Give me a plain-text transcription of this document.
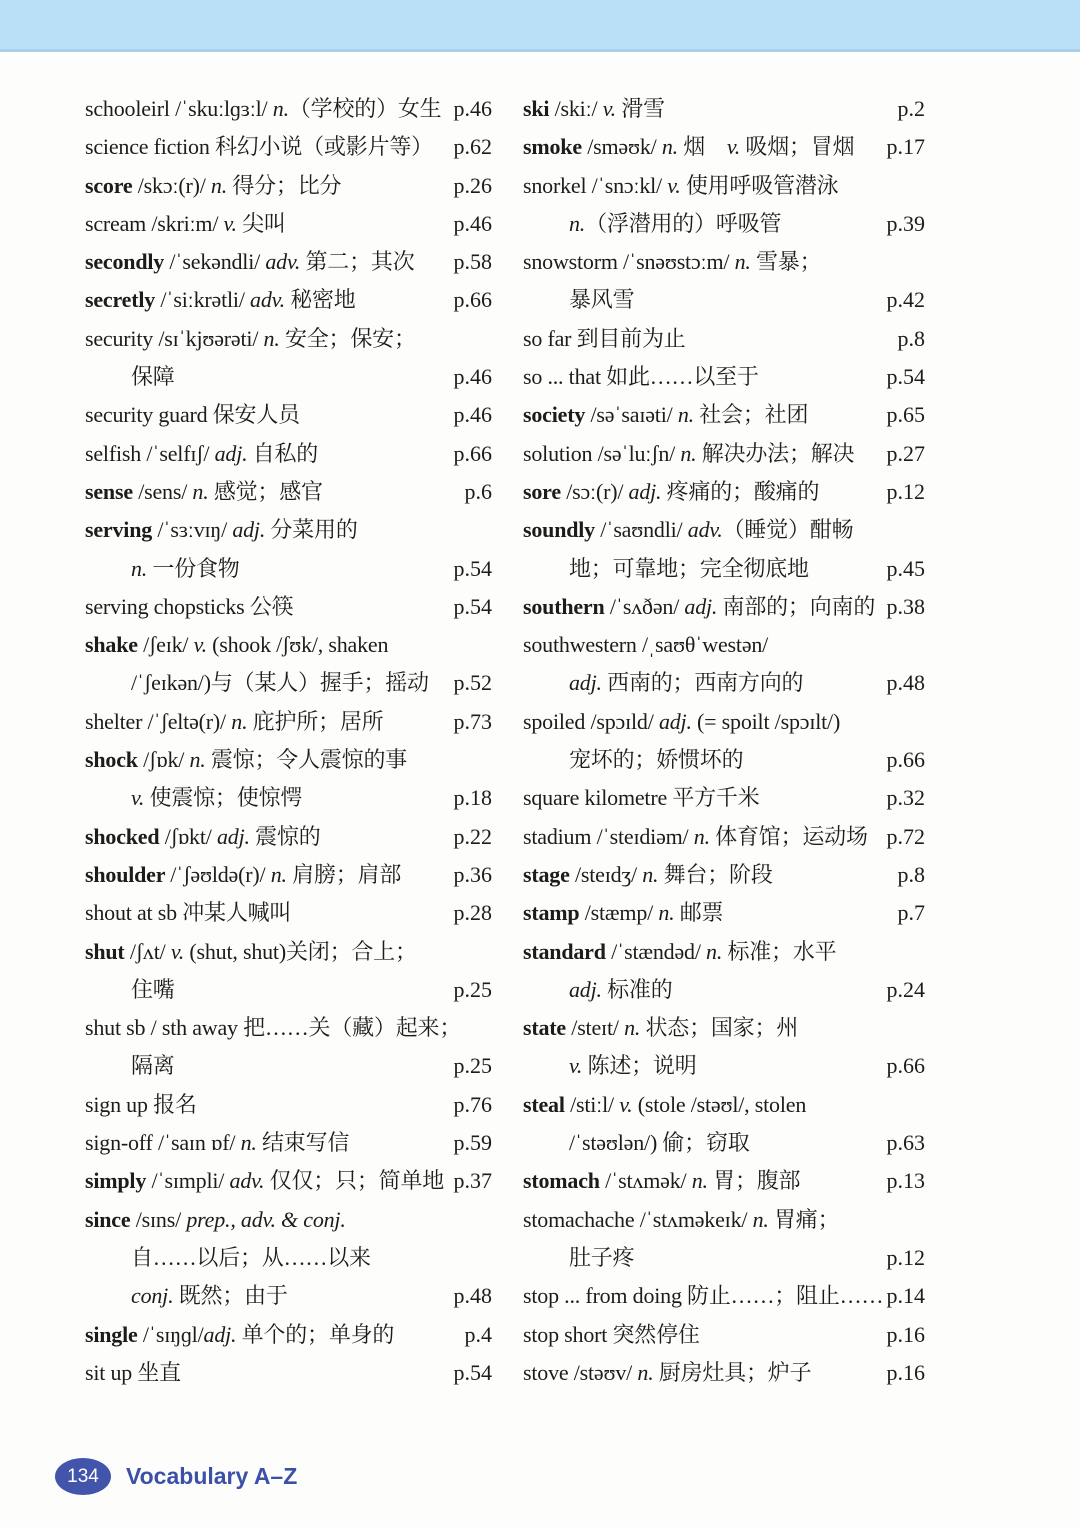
schooleirl /ˈskuːlɡɜːl/ n.（学校的）女生 p.46
science fiction 科幻小说（或影片等） p.62
score /skɔː(r)/ n. 得分；比分	p.26
scream /skriːm/ v. 尖叫	p.46
secondly /ˈsekəndli/ adv. 第二；其次 p.58
secretly /ˈsiːkrətli/ adv. 秘密地	p.66
security /sɪˈkjʊərəti/ n. 安全；保安；
保障	p.46
security guard 保安人员	p.46
selfish /ˈselfɪʃ/ adj. 自私的	p.66
sense /sens/ n. 感觉；感官	p.6
serving /ˈsɜːvɪŋ/ adj. 分菜用的
n. 一份食物	p.54
serving chopsticks 公筷	p.54
shake /ʃeɪk/ v. (shook /ʃʊk/, shaken
/ˈʃeɪkən/)与（某人）握手；摇动 p.52
shelter /ˈʃeltə(r)/ n. 庇护所；居所	p.73
shock /ʃɒk/ n. 震惊；令人震惊的事
v. 使震惊；使惊愕	p.18
shocked /ʃɒkt/ adj. 震惊的	p.22
shoulder /ˈʃəʊldə(r)/ n. 肩膀；肩部 p.36
shout at sb 冲某人喊叫	p.28
shut /ʃʌt/ v. (shut, shut)关闭；合上；
住嘴	p.25
shut sb / sth away 把……关（藏）起来；
隔离	p.25
sign up 报名	p.76
sign-off /ˈsaɪn ɒf/ n. 结束写信	p.59
simply /ˈsɪmpli/ adv. 仅仅；只；简单地 p.37
since /sɪns/ prep., adv. & conj.
自……以后；从……以来
conj. 既然；由于	p.48
single /ˈsɪŋɡl/adj. 单个的；单身的	p.4
sit up 坐直	p.54
ski /skiː/ v. 滑雪	p.2
smoke /sməʊk/ n. 烟　v. 吸烟；冒烟 p.17
snorkel /ˈsnɔːkl/ v. 使用呼吸管潜泳
n.（浮潜用的）呼吸管	p.39
snowstorm /ˈsnəʊstɔːm/ n. 雪暴；
暴风雪	p.42
so far 到目前为止	p.8
so ... that 如此……以至于	p.54
society /səˈsaɪəti/ n. 社会；社团	p.65
solution /səˈluːʃn/ n. 解决办法；解决 p.27
sore /sɔː(r)/ adj. 疼痛的；酸痛的	p.12
soundly /ˈsaʊndli/ adv.（睡觉）酣畅
地；可靠地；完全彻底地	p.45
southern /ˈsʌðən/ adj. 南部的；向南的 p.38
southwestern /ˌsaʊθˈwestən/
adj. 西南的；西南方向的	p.48
spoiled /spɔɪld/ adj. (= spoilt /spɔɪlt/)
宠坏的；娇惯坏的	p.66
square kilometre 平方千米	p.32
stadium /ˈsteɪdiəm/ n. 体育馆；运动场 p.72
stage /steɪdʒ/ n. 舞台；阶段	p.8
stamp /stæmp/ n. 邮票	p.7
standard /ˈstændəd/ n. 标准；水平
adj. 标准的	p.24
state /steɪt/ n. 状态；国家；州
v. 陈述；说明	p.66
steal /stiːl/ v. (stole /stəʊl/, stolen
/ˈstəʊlən/) 偷；窃取	p.63
stomach /ˈstʌmək/ n. 胃；腹部	p.13
stomachache /ˈstʌməkeɪk/ n. 胃痛；
肚子疼	p.12
stop ... from doing 防止……；阻止…… p.14
stop short 突然停住	p.16
stove /stəʊv/ n. 厨房灶具；炉子	p.16
134	Vocabulary A–Z
